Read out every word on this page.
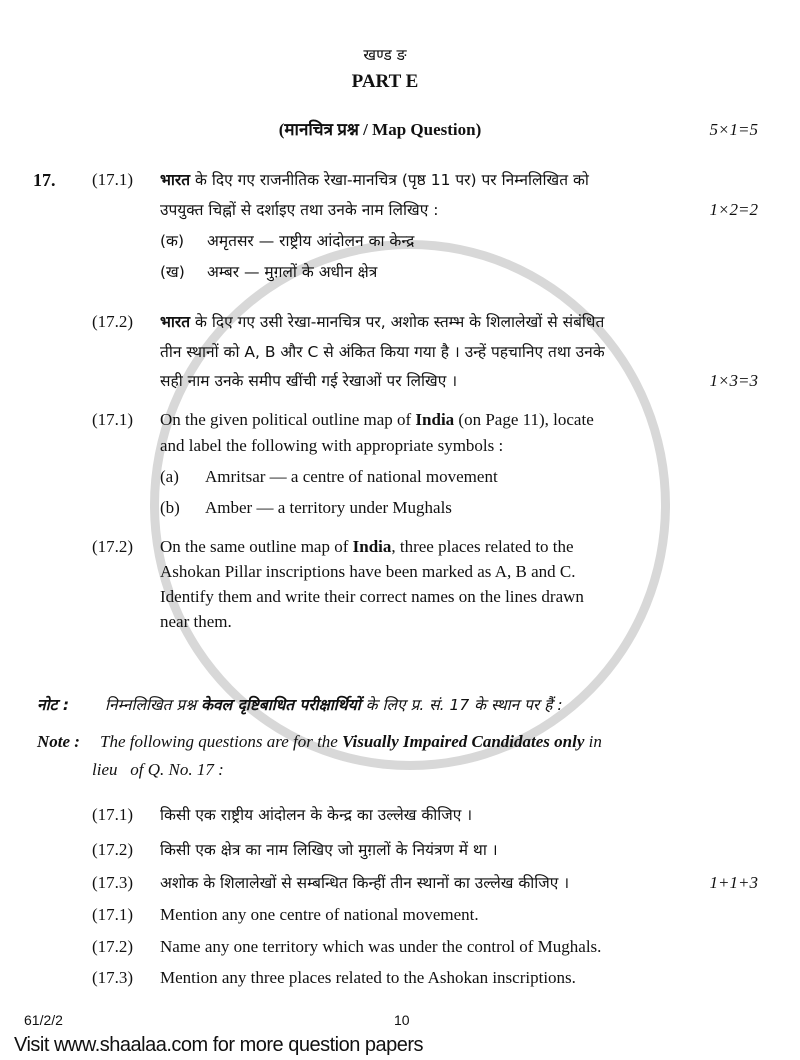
खण्ड ङ
PART E
(मानचित्र प्रश्न / Map Question)	5×1=5
17. (17.1) भारत के दिए गए राजनीतिक रेखा-मानचित्र (पृष्ठ 11 पर) पर निम्नलिखित को
उपयुक्त चिह्नों से दर्शाइए तथा उनके नाम लिखिए :	1×2=2
(क) अमृतसर — राष्ट्रीय आंदोलन का केन्द्र
(ख) अम्बर — मुग़लों के अधीन क्षेत्र
(17.2) भारत के दिए गए उसी रेखा-मानचित्र पर, अशोक स्तम्भ के शिलालेखों से संबंधित
तीन स्थानों को A, B और C से अंकित किया गया है । उन्हें पहचानिए तथा उनके
सही नाम उनके समीप खींची गई रेखाओं पर लिखिए ।	1×3=3
(17.1) On the given political outline map of India (on Page 11), locate
and label the following with appropriate symbols :
(a) Amritsar — a centre of national movement
(b) Amber — a territory under Mughals
(17.2) On the same outline map of India, three places related to the
Ashokan Pillar inscriptions have been marked as A, B and C.
Identify them and write their correct names on the lines drawn
near them.
नोट : निम्नलिखित प्रश्न केवल दृष्टिबाधित परीक्षार्थियों के लिए प्र. सं. 17 के स्थान पर हैं :
Note : The following questions are for the Visually Impaired Candidates only in
lieu   of Q. No. 17 :
(17.1) किसी एक राष्ट्रीय आंदोलन के केन्द्र का उल्लेख कीजिए ।
(17.2) किसी एक क्षेत्र का नाम लिखिए जो मुग़लों के नियंत्रण में था ।
(17.3) अशोक के शिलालेखों से सम्बन्धित किन्हीं तीन स्थानों का उल्लेख कीजिए ।	1+1+3
(17.1) Mention any one centre of national movement.
(17.2) Name any one territory which was under the control of Mughals.
(17.3) Mention any three places related to the Ashokan inscriptions.
61/2/2	10
Visit www.shaalaa.com for more question papers
